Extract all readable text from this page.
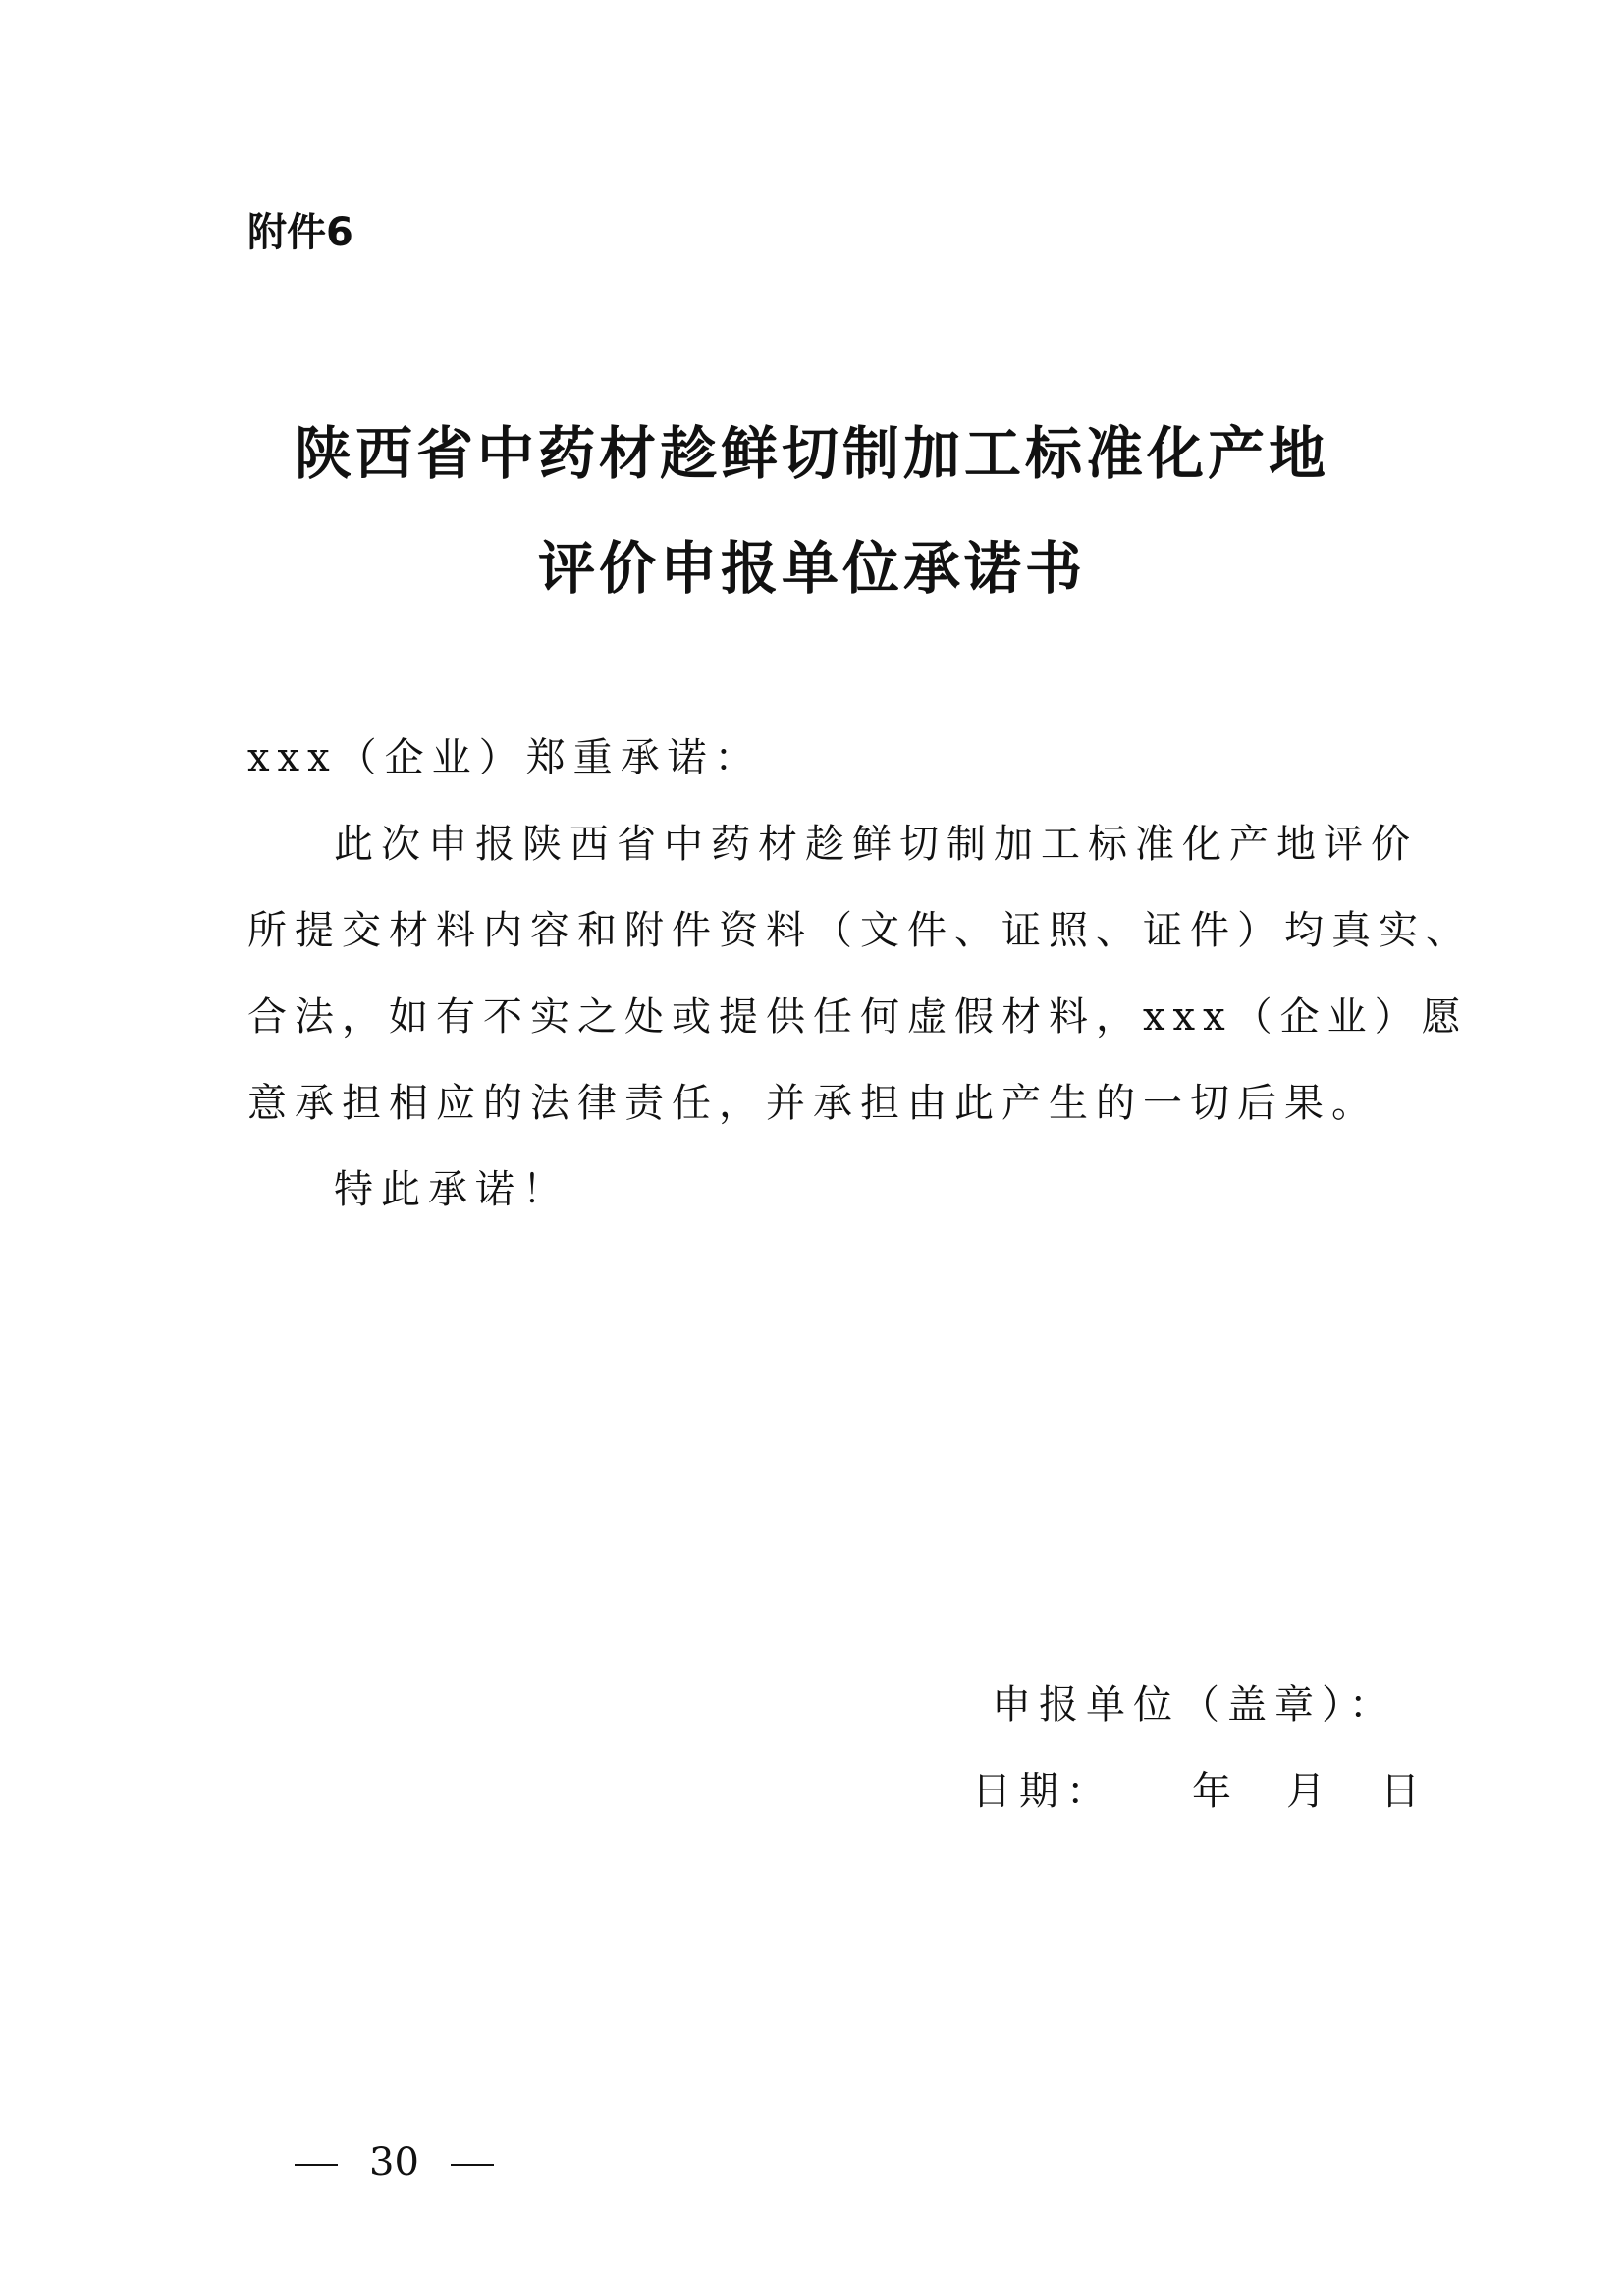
附件6
陕西省中药材趁鲜切制加工标准化产地
评价申报单位承诺书
xxx（企业）郑重承诺：
此次申报陕西省中药材趁鲜切制加工标准化产地评价
所提交材料内容和附件资料（文件、证照、证件）均真实、
合法，如有不实之处或提供任何虚假材料，xxx（企业）愿
意承担相应的法律责任，并承担由此产生的一切后果。
特此承诺！
申报单位（盖章）：
日期： 年 月 日
30
